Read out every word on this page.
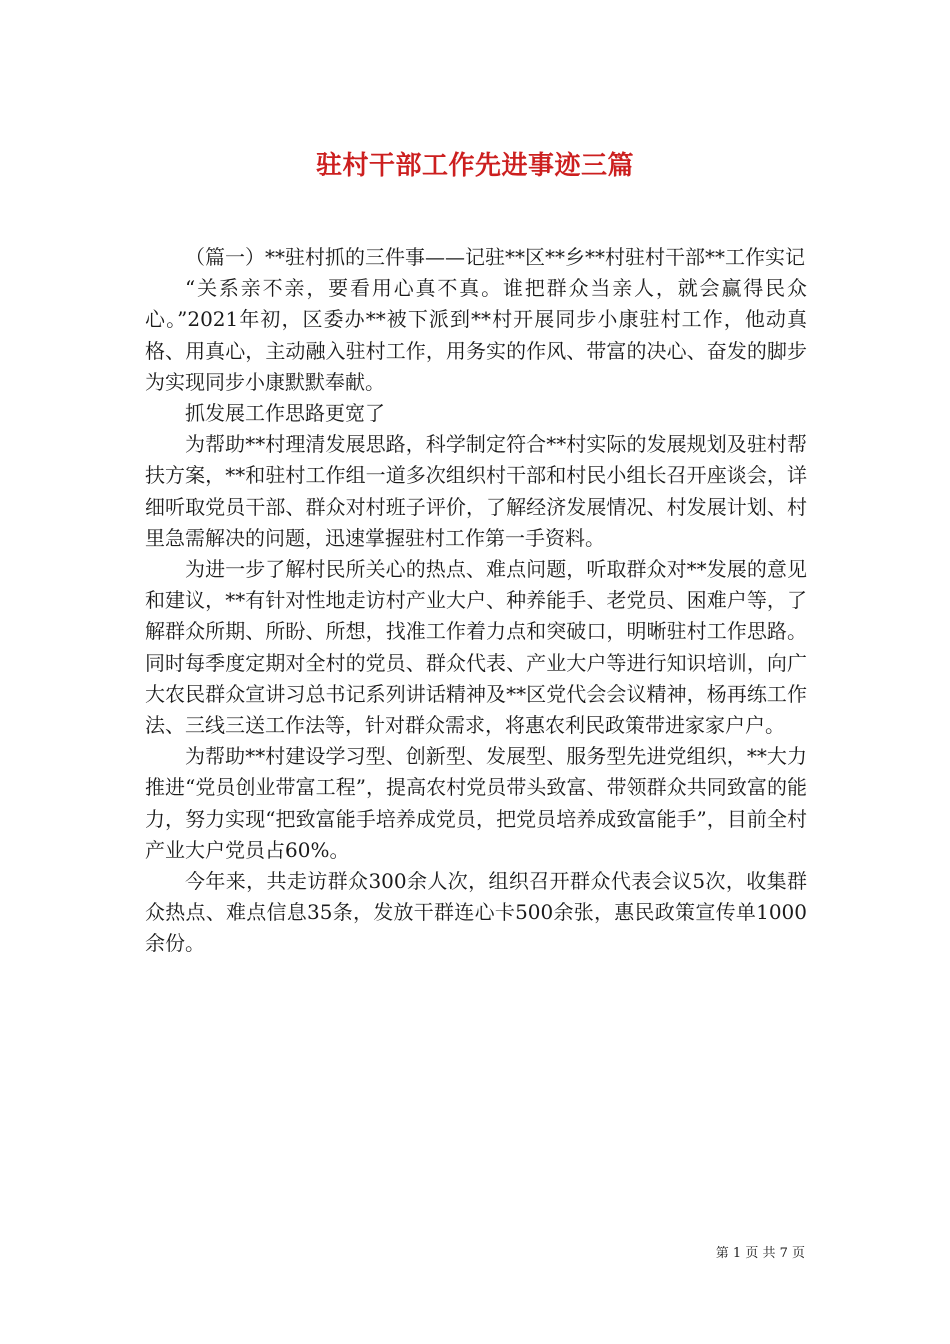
驻村干部工作先进事迹三篇

（篇一）**驻村抓的三件事——记驻**区**乡**村驻村干部**工作实记

“关系亲不亲，要看用心真不真。谁把群众当亲人，就会赢得民众心。”2021年初，区委办**被下派到**村开展同步小康驻村工作，他动真格、用真心，主动融入驻村工作，用务实的作风、带富的决心、奋发的脚步为实现同步小康默默奉献。

抓发展工作思路更宽了

为帮助**村理清发展思路，科学制定符合**村实际的发展规划及驻村帮扶方案，**和驻村工作组一道多次组织村干部和村民小组长召开座谈会，详细听取党员干部、群众对村班子评价，了解经济发展情况、村发展计划、村里急需解决的问题，迅速掌握驻村工作第一手资料。

为进一步了解村民所关心的热点、难点问题，听取群众对**发展的意见和建议，**有针对性地走访村产业大户、种养能手、老党员、困难户等，了解群众所期、所盼、所想，找准工作着力点和突破口，明晰驻村工作思路。同时每季度定期对全村的党员、群众代表、产业大户等进行知识培训，向广大农民群众宣讲习总书记系列讲话精神及**区党代会会议精神，杨再练工作法、三线三送工作法等，针对群众需求，将惠农利民政策带进家家户户。

为帮助**村建设学习型、创新型、发展型、服务型先进党组织，**大力推进“党员创业带富工程”，提高农村党员带头致富、带领群众共同致富的能力，努力实现“把致富能手培养成党员，把党员培养成致富能手”，目前全村产业大户党员占60%。

今年来，共走访群众300余人次，组织召开群众代表会议5次，收集群众热点、难点信息35条，发放干群连心卡500余张，惠民政策宣传单1000余份。

第 1 页 共 7 页
